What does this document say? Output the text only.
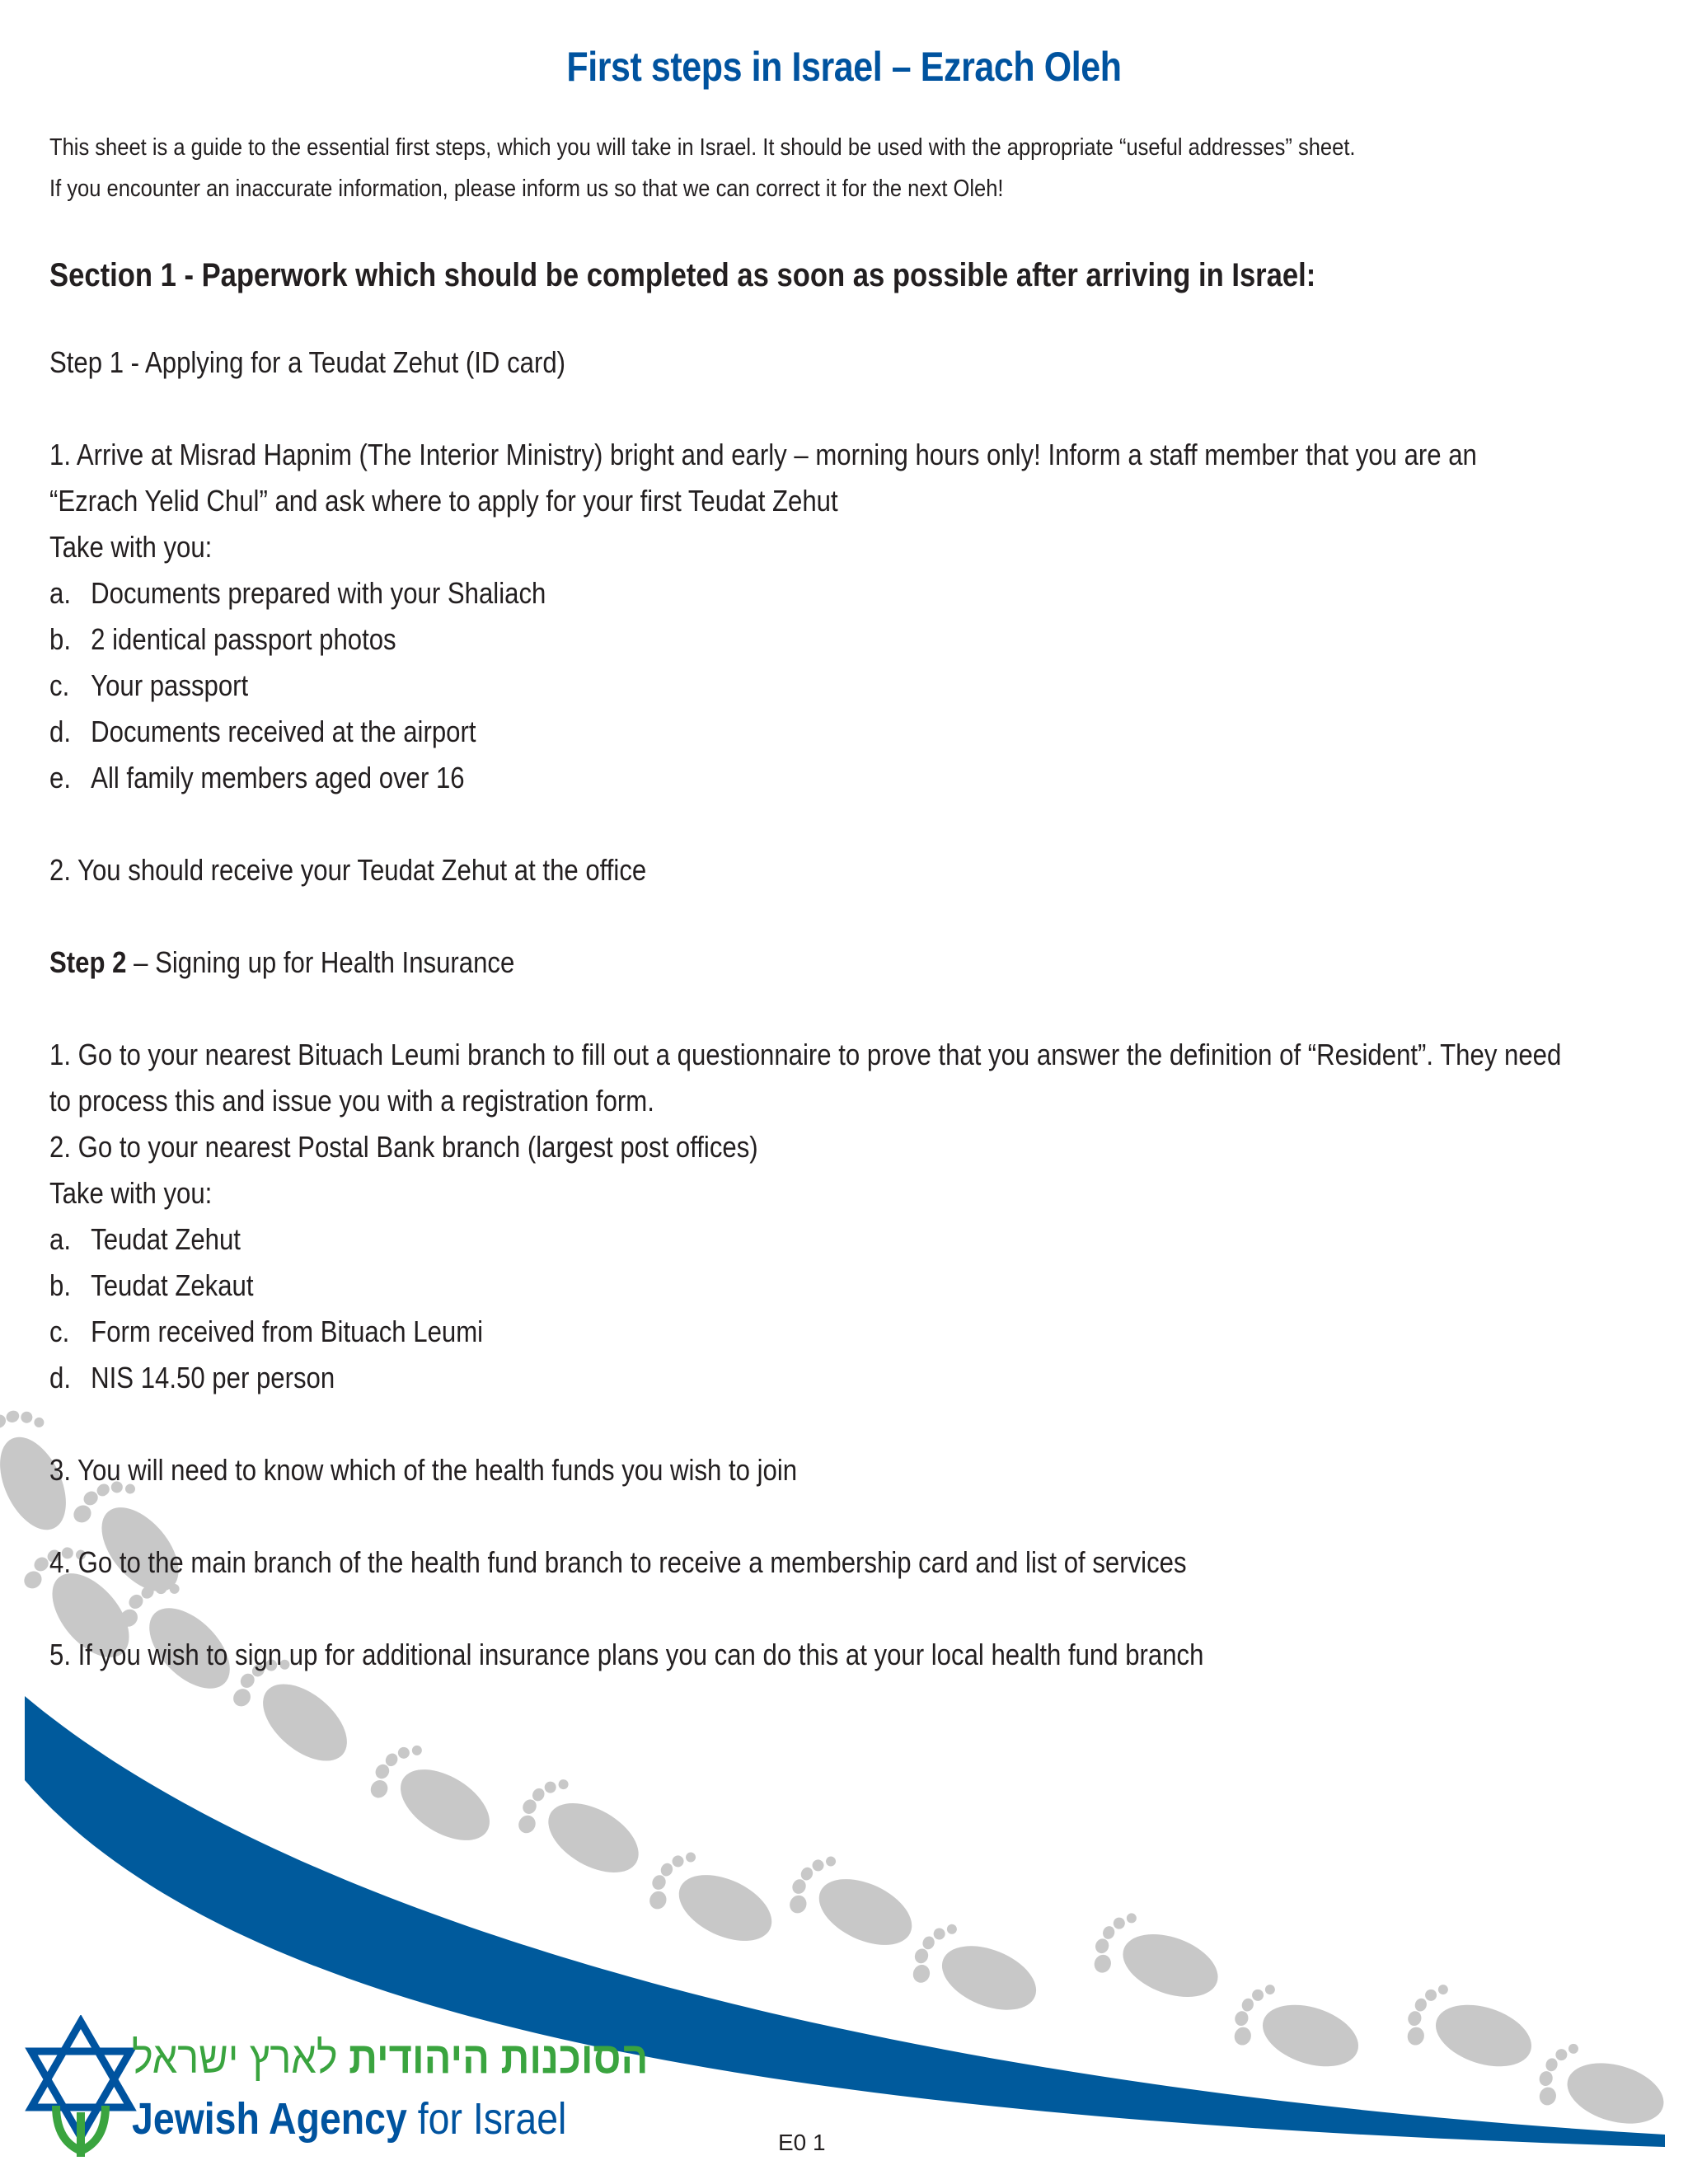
First steps in Israel – Ezrach Oleh
This sheet is a guide to the essential first steps, which you will take in Israel. It should be used with the appropriate “useful addresses” sheet.
If you encounter an inaccurate information, please inform us so that we can correct it for the next Oleh!
Section 1 - Paperwork which should be completed as soon as possible after arriving in Israel:
Step 1 - Applying for a Teudat Zehut (ID card)
1. Arrive at Misrad Hapnim (The Interior Ministry) bright and early – morning hours only! Inform a staff member that you are an
“Ezrach Yelid Chul” and ask where to apply for your first Teudat Zehut
Take with you:
a. Documents prepared with your Shaliach
b. 2 identical passport photos
c. Your passport
d. Documents received at the airport
e. All family members aged over 16
2. You should receive your Teudat Zehut at the office
Step 2 – Signing up for Health Insurance
1. Go to your nearest Bituach Leumi branch to fill out a questionnaire to prove that you answer the definition of “Resident”. They need
to process this and issue you with a registration form.
2. Go to your nearest Postal Bank branch (largest post offices)
Take with you:
a. Teudat Zehut
b. Teudat Zekaut
c. Form received from Bituach Leumi
d. NIS 14.50 per person
3. You will need to know which of the health funds you wish to join
4. Go to the main branch of the health fund branch to receive a membership card and list of services
5. If you wish to sign up for additional insurance plans you can do this at your local health fund branch
הסוכנות היהודית לארץ ישראל
Jewish Agency for Israel	E0 1
